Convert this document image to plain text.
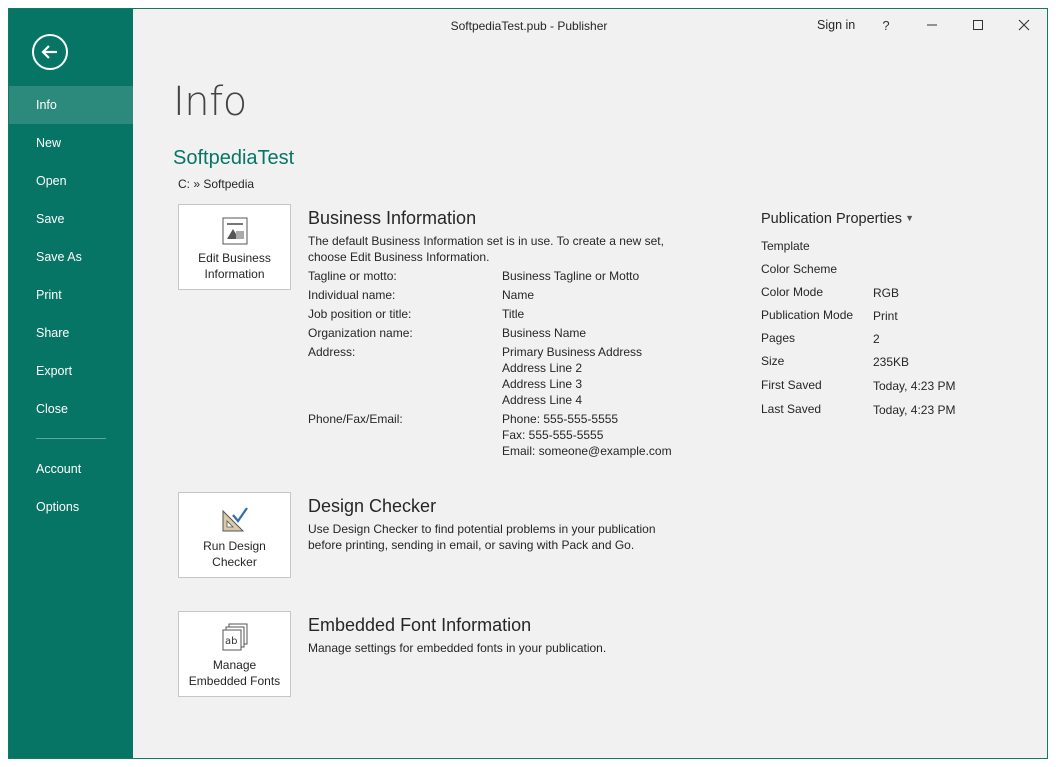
Info
New
Open
Save
Save As
Print
Share
Export
Close
Account
Options
SoftpediaTest.pub - Publisher	Sign in	?
Info
SoftpediaTest
C: » Softpedia
Edit Business Information
Business Information
The default Business Information set is in use. To create a new set, choose Edit Business Information.
Tagline or motto:	Business Tagline or Motto
Individual name:	Name
Job position or title:	Title
Organization name:	Business Name
Address:	Primary Business Address
Address Line 2
Address Line 3
Address Line 4
Phone/Fax/Email:	Phone: 555-555-5555
Fax: 555-555-5555
Email: someone@example.com
Run Design Checker
Design Checker
Use Design Checker to find potential problems in your publication before printing, sending in email, or saving with Pack and Go.
ab
Manage Embedded Fonts
Embedded Font Information
Manage settings for embedded fonts in your publication.
Publication Properties ▼
Template
Color Scheme
Color Mode	RGB
Publication Mode Print
Pages	2
Size	235KB
First Saved	Today, 4:23 PM
Last Saved	Today, 4:23 PM
